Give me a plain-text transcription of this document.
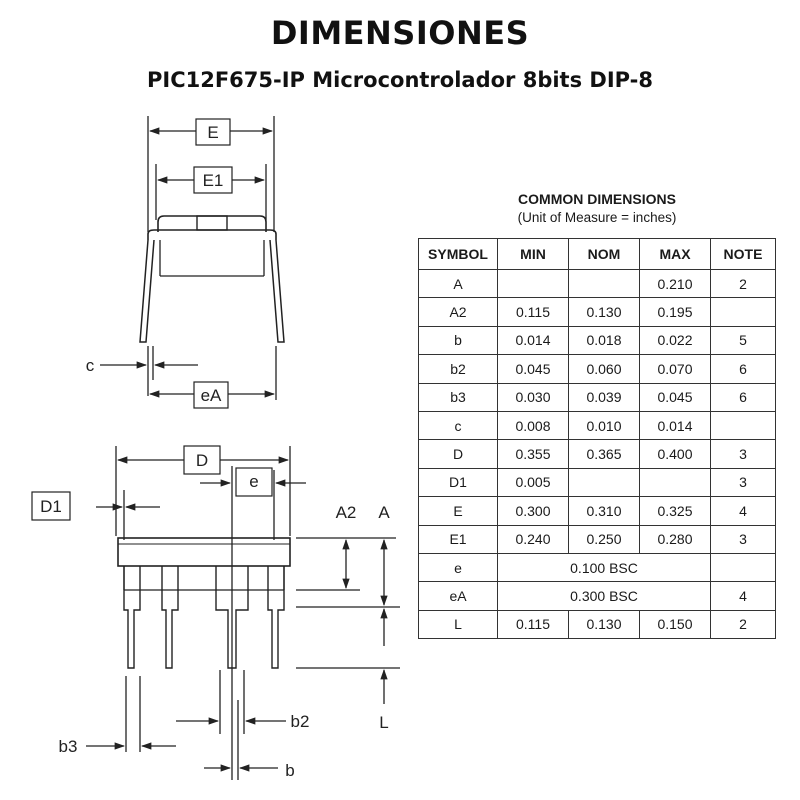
DIMENSIONES
PIC12F675-IP Microcontrolador 8bits DIP-8
E
E1
c
eA
D
D1
e
A2 A
L
b2
b3
b
COMMON DIMENSIONS
(Unit of Measure = inches)
SYMBOL	MIN	NOM	MAX	NOTE
A			0.210	2
A2	0.115	0.130	0.195	
b	0.014	0.018	0.022	5
b2	0.045	0.060	0.070	6
b3	0.030	0.039	0.045	6
c	0.008	0.010	0.014	
D	0.355	0.365	0.400	3
D1	0.005			3
E	0.300	0.310	0.325	4
E1	0.240	0.250	0.280	3
e	0.100 BSC			
eA	0.300 BSC			4
L	0.115	0.130	0.150	2
